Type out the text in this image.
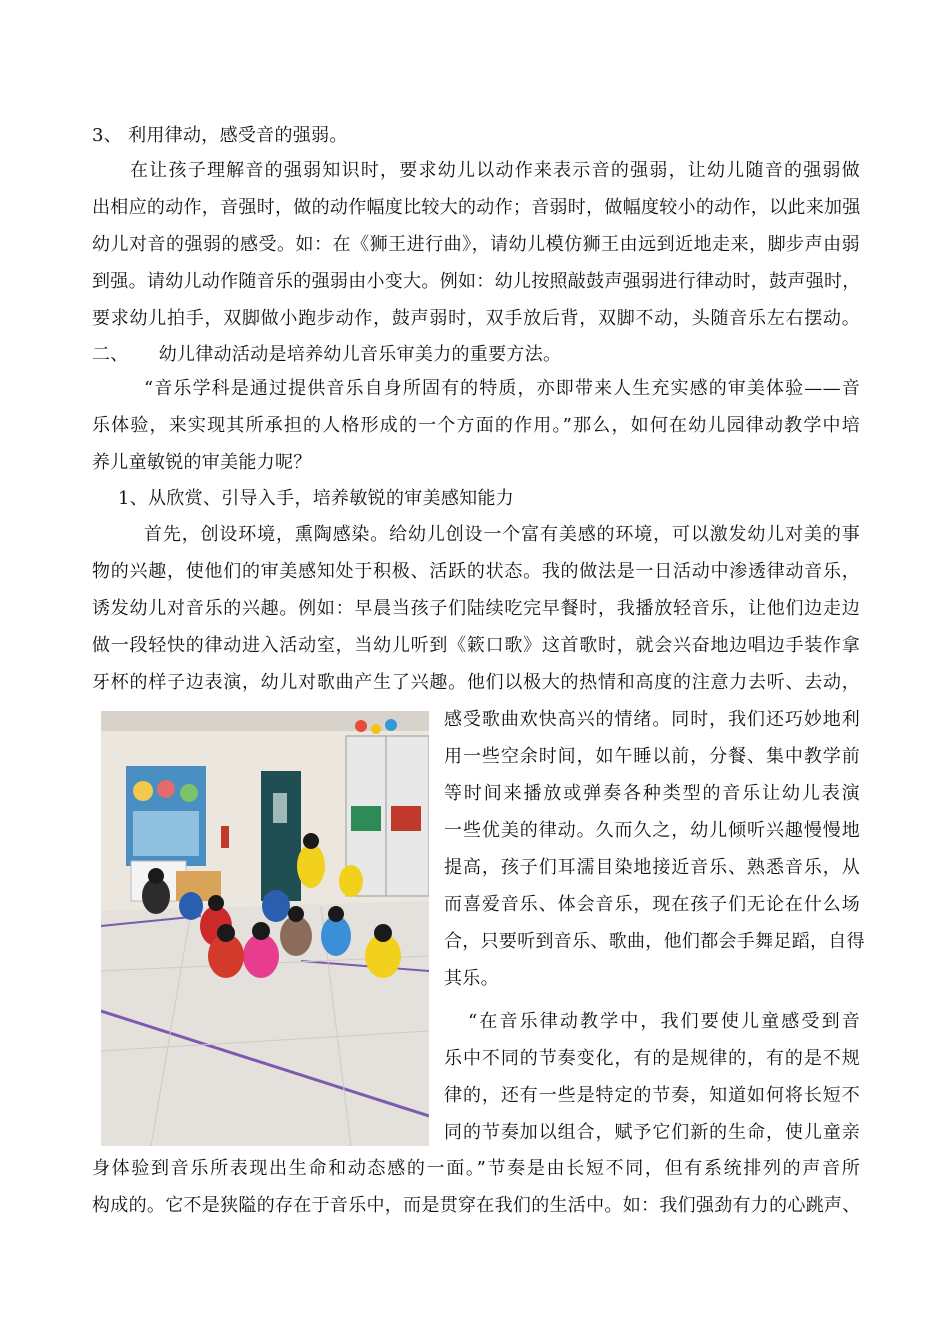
3、 利用律动，感受音的强弱。
在让孩子理解音的强弱知识时，要求幼儿以动作来表示音的强弱，让幼儿随音的强弱做
出相应的动作，音强时，做的动作幅度比较大的动作；音弱时，做幅度较小的动作，以此来加强
幼儿对音的强弱的感受。如：在《狮王进行曲》，请幼儿模仿狮王由远到近地走来，脚步声由弱
到强。请幼儿动作随音乐的强弱由小变大。例如：幼儿按照敲鼓声强弱进行律动时，鼓声强时，
要求幼儿拍手，双脚做小跑步动作，鼓声弱时，双手放后背，双脚不动，头随音乐左右摆动。
二、     幼儿律动活动是培养幼儿音乐审美力的重要方法。
“音乐学科是通过提供音乐自身所固有的特质，亦即带来人生充实感的审美体验——音
乐体验，来实现其所承担的人格形成的一个方面的作用。”那么，如何在幼儿园律动教学中培
养儿童敏锐的审美能力呢？
1、从欣赏、引导入手，培养敏锐的审美感知能力
首先，创设环境，熏陶感染。给幼儿创设一个富有美感的环境，可以激发幼儿对美的事
物的兴趣，使他们的审美感知处于积极、活跃的状态。我的做法是一日活动中渗透律动音乐，
诱发幼儿对音乐的兴趣。例如：早晨当孩子们陆续吃完早餐时，我播放轻音乐，让他们边走边
做一段轻快的律动进入活动室，当幼儿听到《簌口歌》这首歌时，就会兴奋地边唱边手装作拿
牙杯的样子边表演，幼儿对歌曲产生了兴趣。他们以极大的热情和高度的注意力去听、去动，
感受歌曲欢快高兴的情绪。同时，我们还巧妙地利
用一些空余时间，如午睡以前，分餐、集中教学前
等时间来播放或弹奏各种类型的音乐让幼儿表演
一些优美的律动。久而久之，幼儿倾听兴趣慢慢地
提高，孩子们耳濡目染地接近音乐、熟悉音乐，从
而喜爱音乐、体会音乐，现在孩子们无论在什么场
合，只要听到音乐、歌曲，他们都会手舞足蹈，自得
其乐。
“在音乐律动教学中，我们要使儿童感受到音
乐中不同的节奏变化，有的是规律的，有的是不规
律的，还有一些是特定的节奏，知道如何将长短不
同的节奏加以组合，赋予它们新的生命，使儿童亲
身体验到音乐所表现出生命和动态感的一面。”节奏是由长短不同，但有系统排列的声音所
构成的。它不是狭隘的存在于音乐中，而是贯穿在我们的生活中。如：我们强劲有力的心跳声、
